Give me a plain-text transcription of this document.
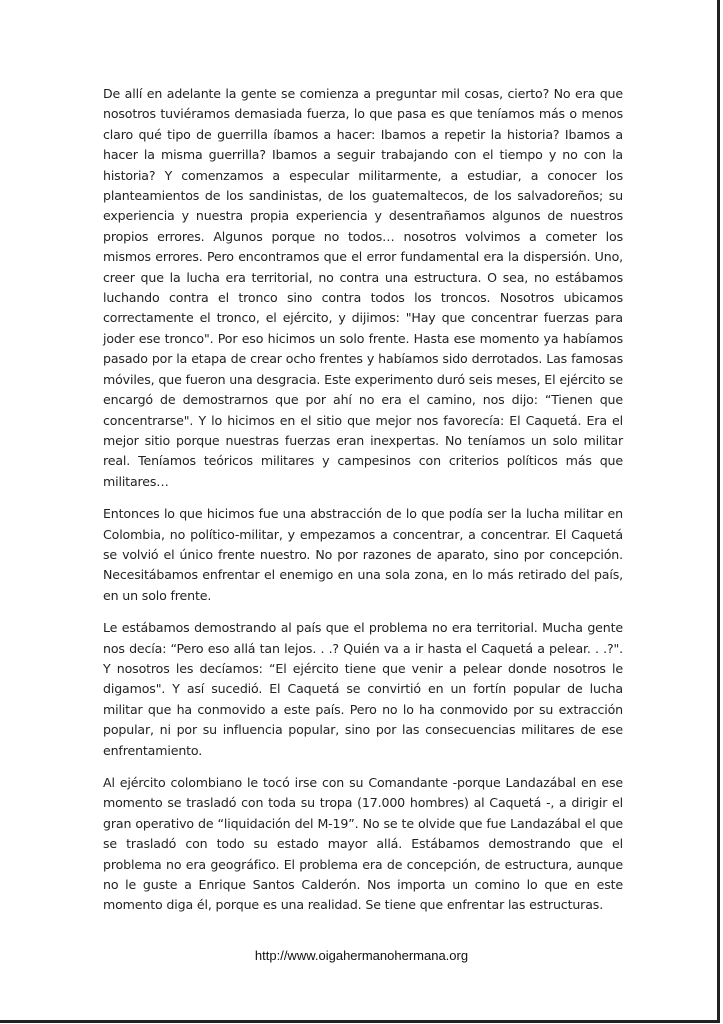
De allí en adelante la gente se comienza a preguntar mil cosas, cierto? No era que nosotros tuviéramos demasiada fuerza, lo que pasa es que teníamos más o menos claro qué tipo de guerrilla íbamos a hacer: Ibamos a repetir la historia? Ibamos a hacer la misma guerrilla? Ibamos a seguir trabajando con el tiempo y no con la historia? Y comenzamos a especular militarmente, a estudiar, a conocer los planteamientos de los sandinistas, de los guatemaltecos, de los salvadoreños; su experiencia y nuestra propia experiencia y desentrañamos algunos de nuestros propios errores. Algunos porque no todos… nosotros volvimos a cometer los mismos errores. Pero encontramos que el error fundamental era la dispersión. Uno, creer que la lucha era territorial, no contra una estructura. O sea, no estábamos luchando contra el tronco sino contra todos los troncos. Nosotros ubicamos correctamente el tronco, el ejército, y dijimos: "Hay que concentrar fuerzas para joder ese tronco". Por eso hicimos un solo frente. Hasta ese momento ya habíamos pasado por la etapa de crear ocho frentes y habíamos sido derrotados. Las famosas móviles, que fueron una desgracia. Este experimento duró seis meses, El ejército se encargó de demostrarnos que por ahí no era el camino, nos dijo: “Tienen que concentrarse". Y lo hicimos en el sitio que mejor nos favorecía: El Caquetá. Era el mejor sitio porque nuestras fuerzas eran inexpertas. No teníamos un solo militar real. Teníamos teóricos militares y campesinos con criterios políticos más que militares…

Entonces lo que hicimos fue una abstracción de lo que podía ser la lucha militar en Colombia, no político-militar, y empezamos a concentrar, a concentrar. El Caquetá se volvió el único frente nuestro. No por razones de aparato, sino por concepción. Necesitábamos enfrentar el enemigo en una sola zona, en lo más retirado del país, en un solo frente.

Le estábamos demostrando al país que el problema no era territorial. Mucha gente nos decía: “Pero eso allá tan lejos. . .? Quién va a ir hasta el Caquetá a pelear. . .?". Y nosotros les decíamos: “El ejército tiene que venir a pelear donde nosotros le digamos". Y así sucedió. El Caquetá se convirtió en un fortín popular de lucha militar que ha conmovido a este país. Pero no lo ha conmovido por su extracción popular, ni por su influencia popular, sino por las consecuencias militares de ese enfrentamiento.

Al ejército colombiano le tocó irse con su Comandante -porque Landazábal en ese momento se trasladó con toda su tropa (17.000 hombres) al Caquetá -, a dirigir el gran operativo de “liquidación del M-19”. No se te olvide que fue Landazábal el que se trasladó con todo su estado mayor allá. Estábamos demostrando que el problema no era geográfico. El problema era de concepción, de estructura, aunque no le guste a Enrique Santos Calderón. Nos importa un comino lo que en este momento diga él, porque es una realidad. Se tiene que enfrentar las estructuras.

http://www.oigahermanohermana.org
